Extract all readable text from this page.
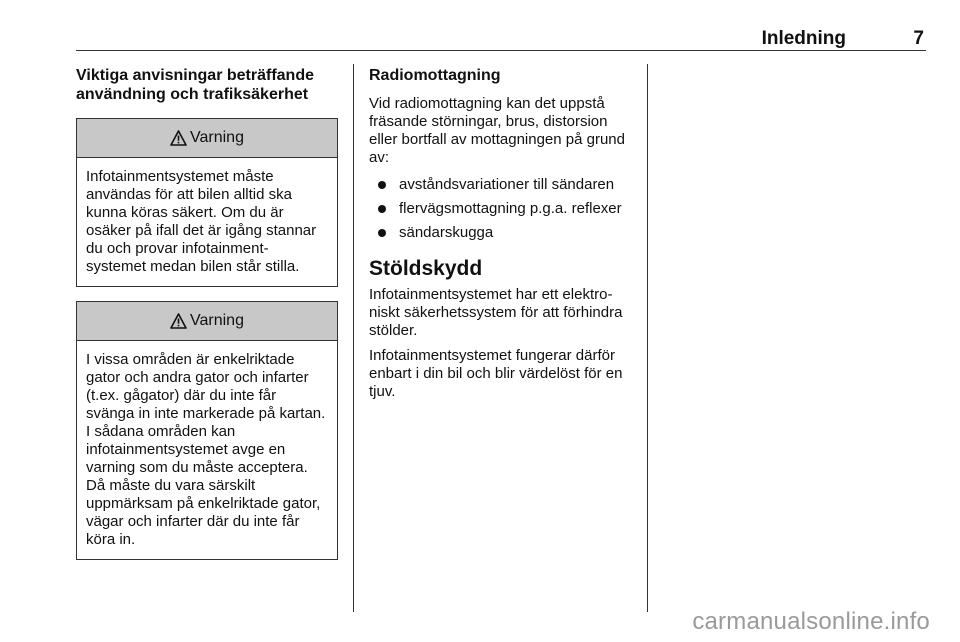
Inledning	7
Viktiga anvisningar beträffande användning och trafiksäkerhet
Varning
Infotainmentsystemet måste användas för att bilen alltid ska kunna köras säkert. Om du är osäker på ifall det är igång stannar du och provar infotainment-systemet medan bilen står stilla.
Varning
I vissa områden är enkelriktade gator och andra gator och infarter (t.ex. gågator) där du inte får svänga in inte markerade på kartan. I sådana områden kan infotainmentsystemet avge en varning som du måste acceptera. Då måste du vara särskilt uppmärksam på enkelriktade gator, vägar och infarter där du inte får köra in.
Radiomottagning

Vid radiomottagning kan det uppstå fräsande störningar, brus, distorsion eller bortfall av mottagningen på grund av:

avståndsvariationer till sändaren
flervägsmottagning p.g.a. reflexer
sändarskugga
Stöldskydd

Infotainmentsystemet har ett elektro-niskt säkerhetssystem för att förhindra stölder.

Infotainmentsystemet fungerar därför enbart i din bil och blir värdelöst för en tjuv.

carmanualsonline.info
